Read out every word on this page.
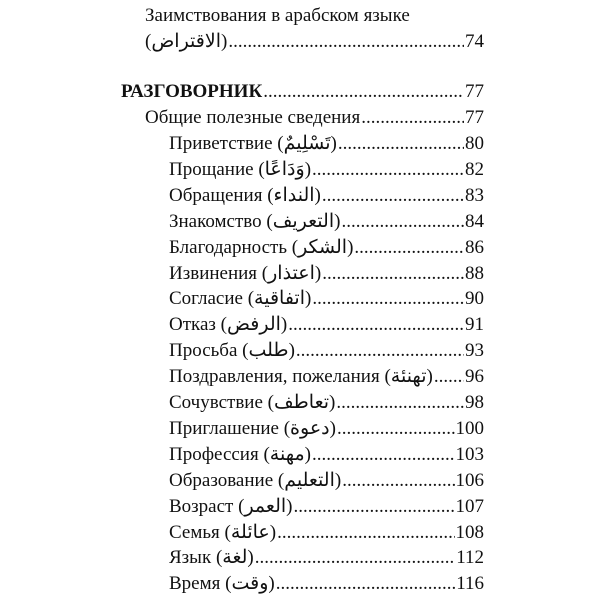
Заимствования в арабском языке
(الاقتراض) .....	74
РАЗГОВОРНИК .....	77
Общие полезные сведения .....	77
Приветствие (تَسْلِيمٌ) .....	80
Прощание (وَدَاعًا) .....	82
Обращения (النداء) .....	83
Знакомство (التعريف) .....	84
Благодарность (الشكر) .....	86
Извинения (اعتذار) .....	88
Согласие (اتفاقية) .....	90
Отказ (الرفض) .....	91
Просьба (طلب) .....	93
Поздравления, пожелания (تهنئة) ..... 96
Сочувствие (تعاطف) .....	98
Приглашение (دعوة) .....	100
Профессия (مهنة) .....	103
Образование (التعليم) .....	106
Возраст (العمر) .....	107
Семья (عائلة) .....	108
Язык (لغة) .....	112
Время (وقت) .....	116
